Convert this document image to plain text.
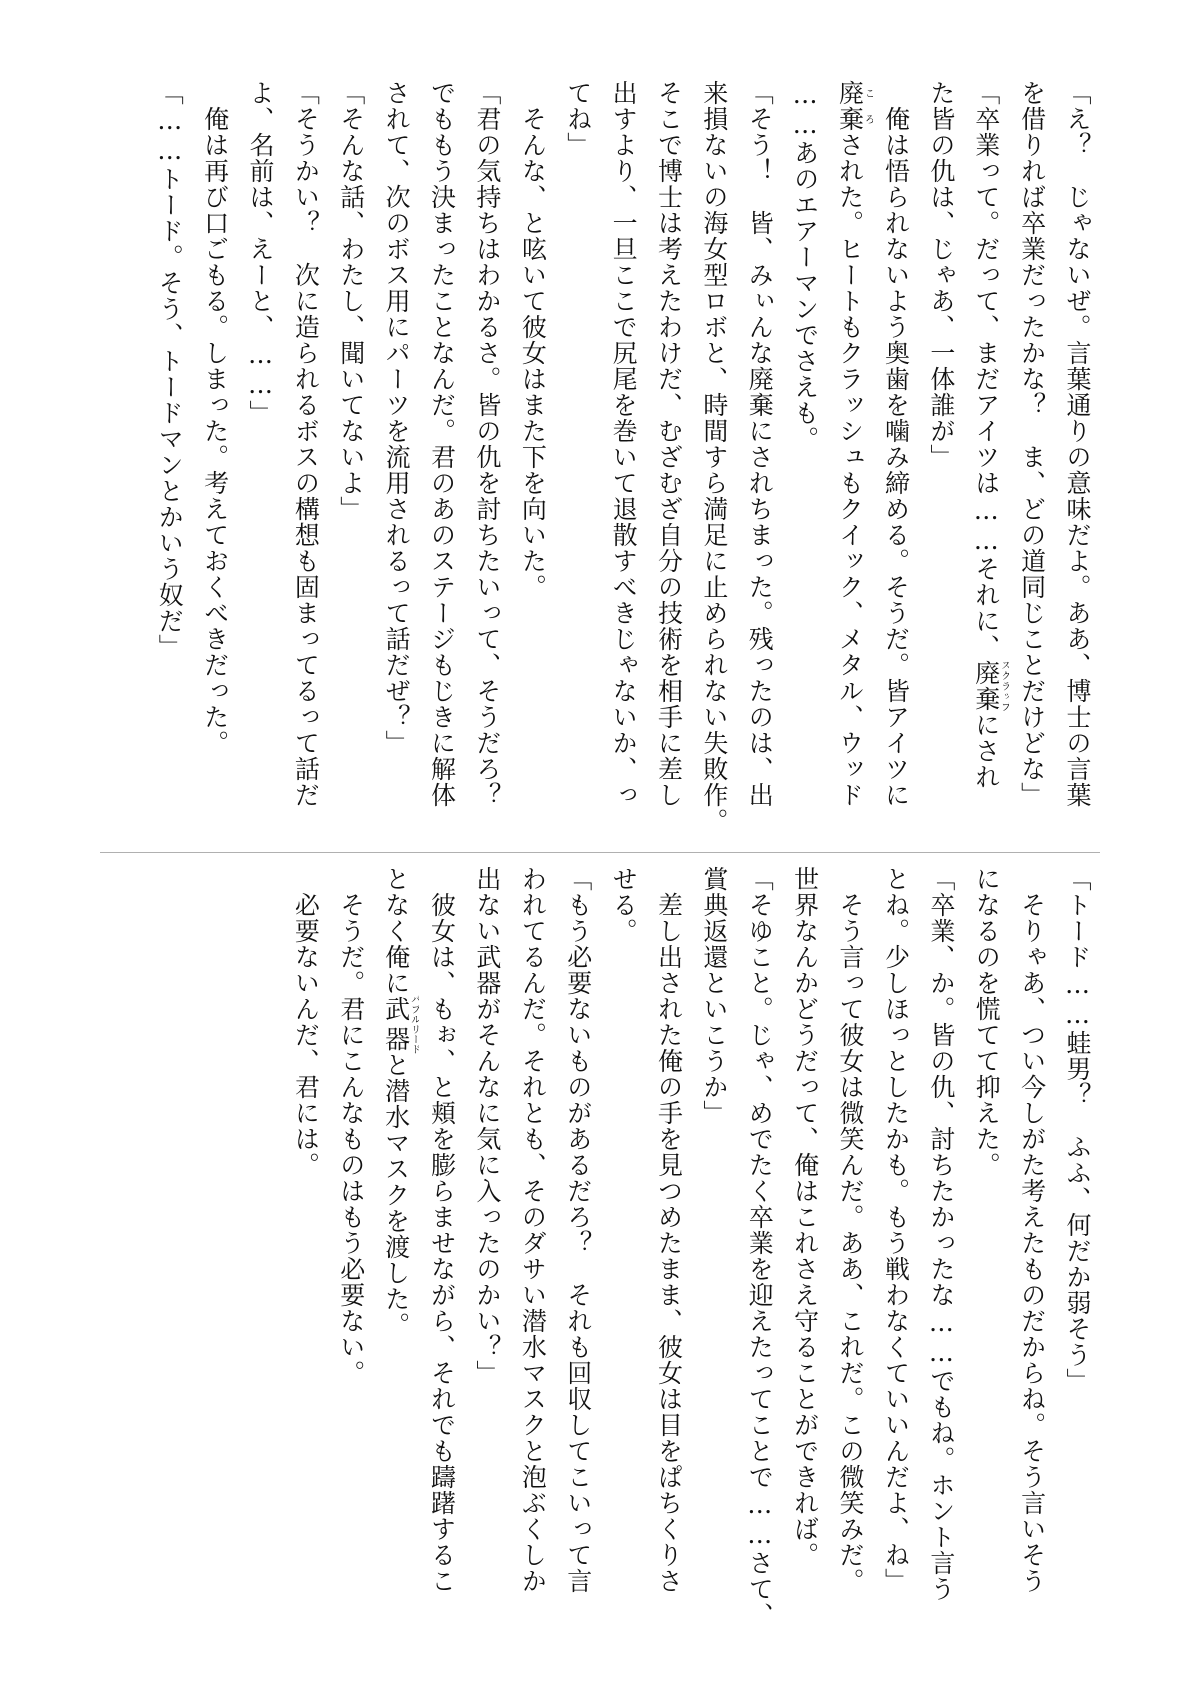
「え？　じゃないぜ。言葉通りの意味だよ。ああ、博士の言葉
を借りれば卒業だったかな？　ま、どの道同じことだけどな」
「卒業って。だって、まだアイツは……それに、廃棄スクラップにされ
た皆の仇は、じゃあ、一体誰が」
　俺は悟られないよう奥歯を噛み締める。そうだ。皆アイツに
廃棄ころされた。ヒートもクラッシュもクイック、メタル、ウッド
……あのエアーマンでさえも。
「そう！　皆、みぃんな廃棄にされちまった。残ったのは、出
来損ないの海女型ロボと、時間すら満足に止められない失敗作。
そこで博士は考えたわけだ、むざむざ自分の技術を相手に差し
出すより、一旦ここで尻尾を巻いて退散すべきじゃないか、っ
てね」
　そんな、と呟いて彼女はまた下を向いた。
「君の気持ちはわかるさ。皆の仇を討ちたいって、そうだろ？
でももう決まったことなんだ。君のあのステージもじきに解体
されて、次のボス用にパーツを流用されるって話だぜ？」
「そんな話、わたし、聞いてないよ」
「そうかい？　次に造られるボスの構想も固まってるって話だ
よ、名前は、えーと、……」
　俺は再び口ごもる。しまった。考えておくべきだった。
「……トード。そう、トードマンとかいう奴だ」
「トード……蛙男？　ふふ、何だか弱そう」
　そりゃあ、つい今しがた考えたものだからね。そう言いそう
になるのを慌てて抑えた。
「卒業、か。皆の仇、討ちたかったな……でもね。ホント言う
とね。少しほっとしたかも。もう戦わなくていいんだよ、ね」
　そう言って彼女は微笑んだ。ああ、これだ。この微笑みだ。
世界なんかどうだって、俺はこれさえ守ることができれば。
「そゆこと。じゃ、めでたく卒業を迎えたってことで……さて、
賞典返還といこうか」
　差し出された俺の手を見つめたまま、彼女は目をぱちくりさ
せる。
「もう必要ないものがあるだろ？　それも回収してこいって言
われてるんだ。それとも、そのダサい潜水マスクと泡ぶくしか
出ない武器がそんなに気に入ったのかい？」
　彼女は、もぉ、と頬を膨らませながら、それでも躊躇するこ
となく俺に武器バブルリードと潜水マスクを渡した。
　そうだ。君にこんなものはもう必要ない。
　必要ないんだ、君には。
